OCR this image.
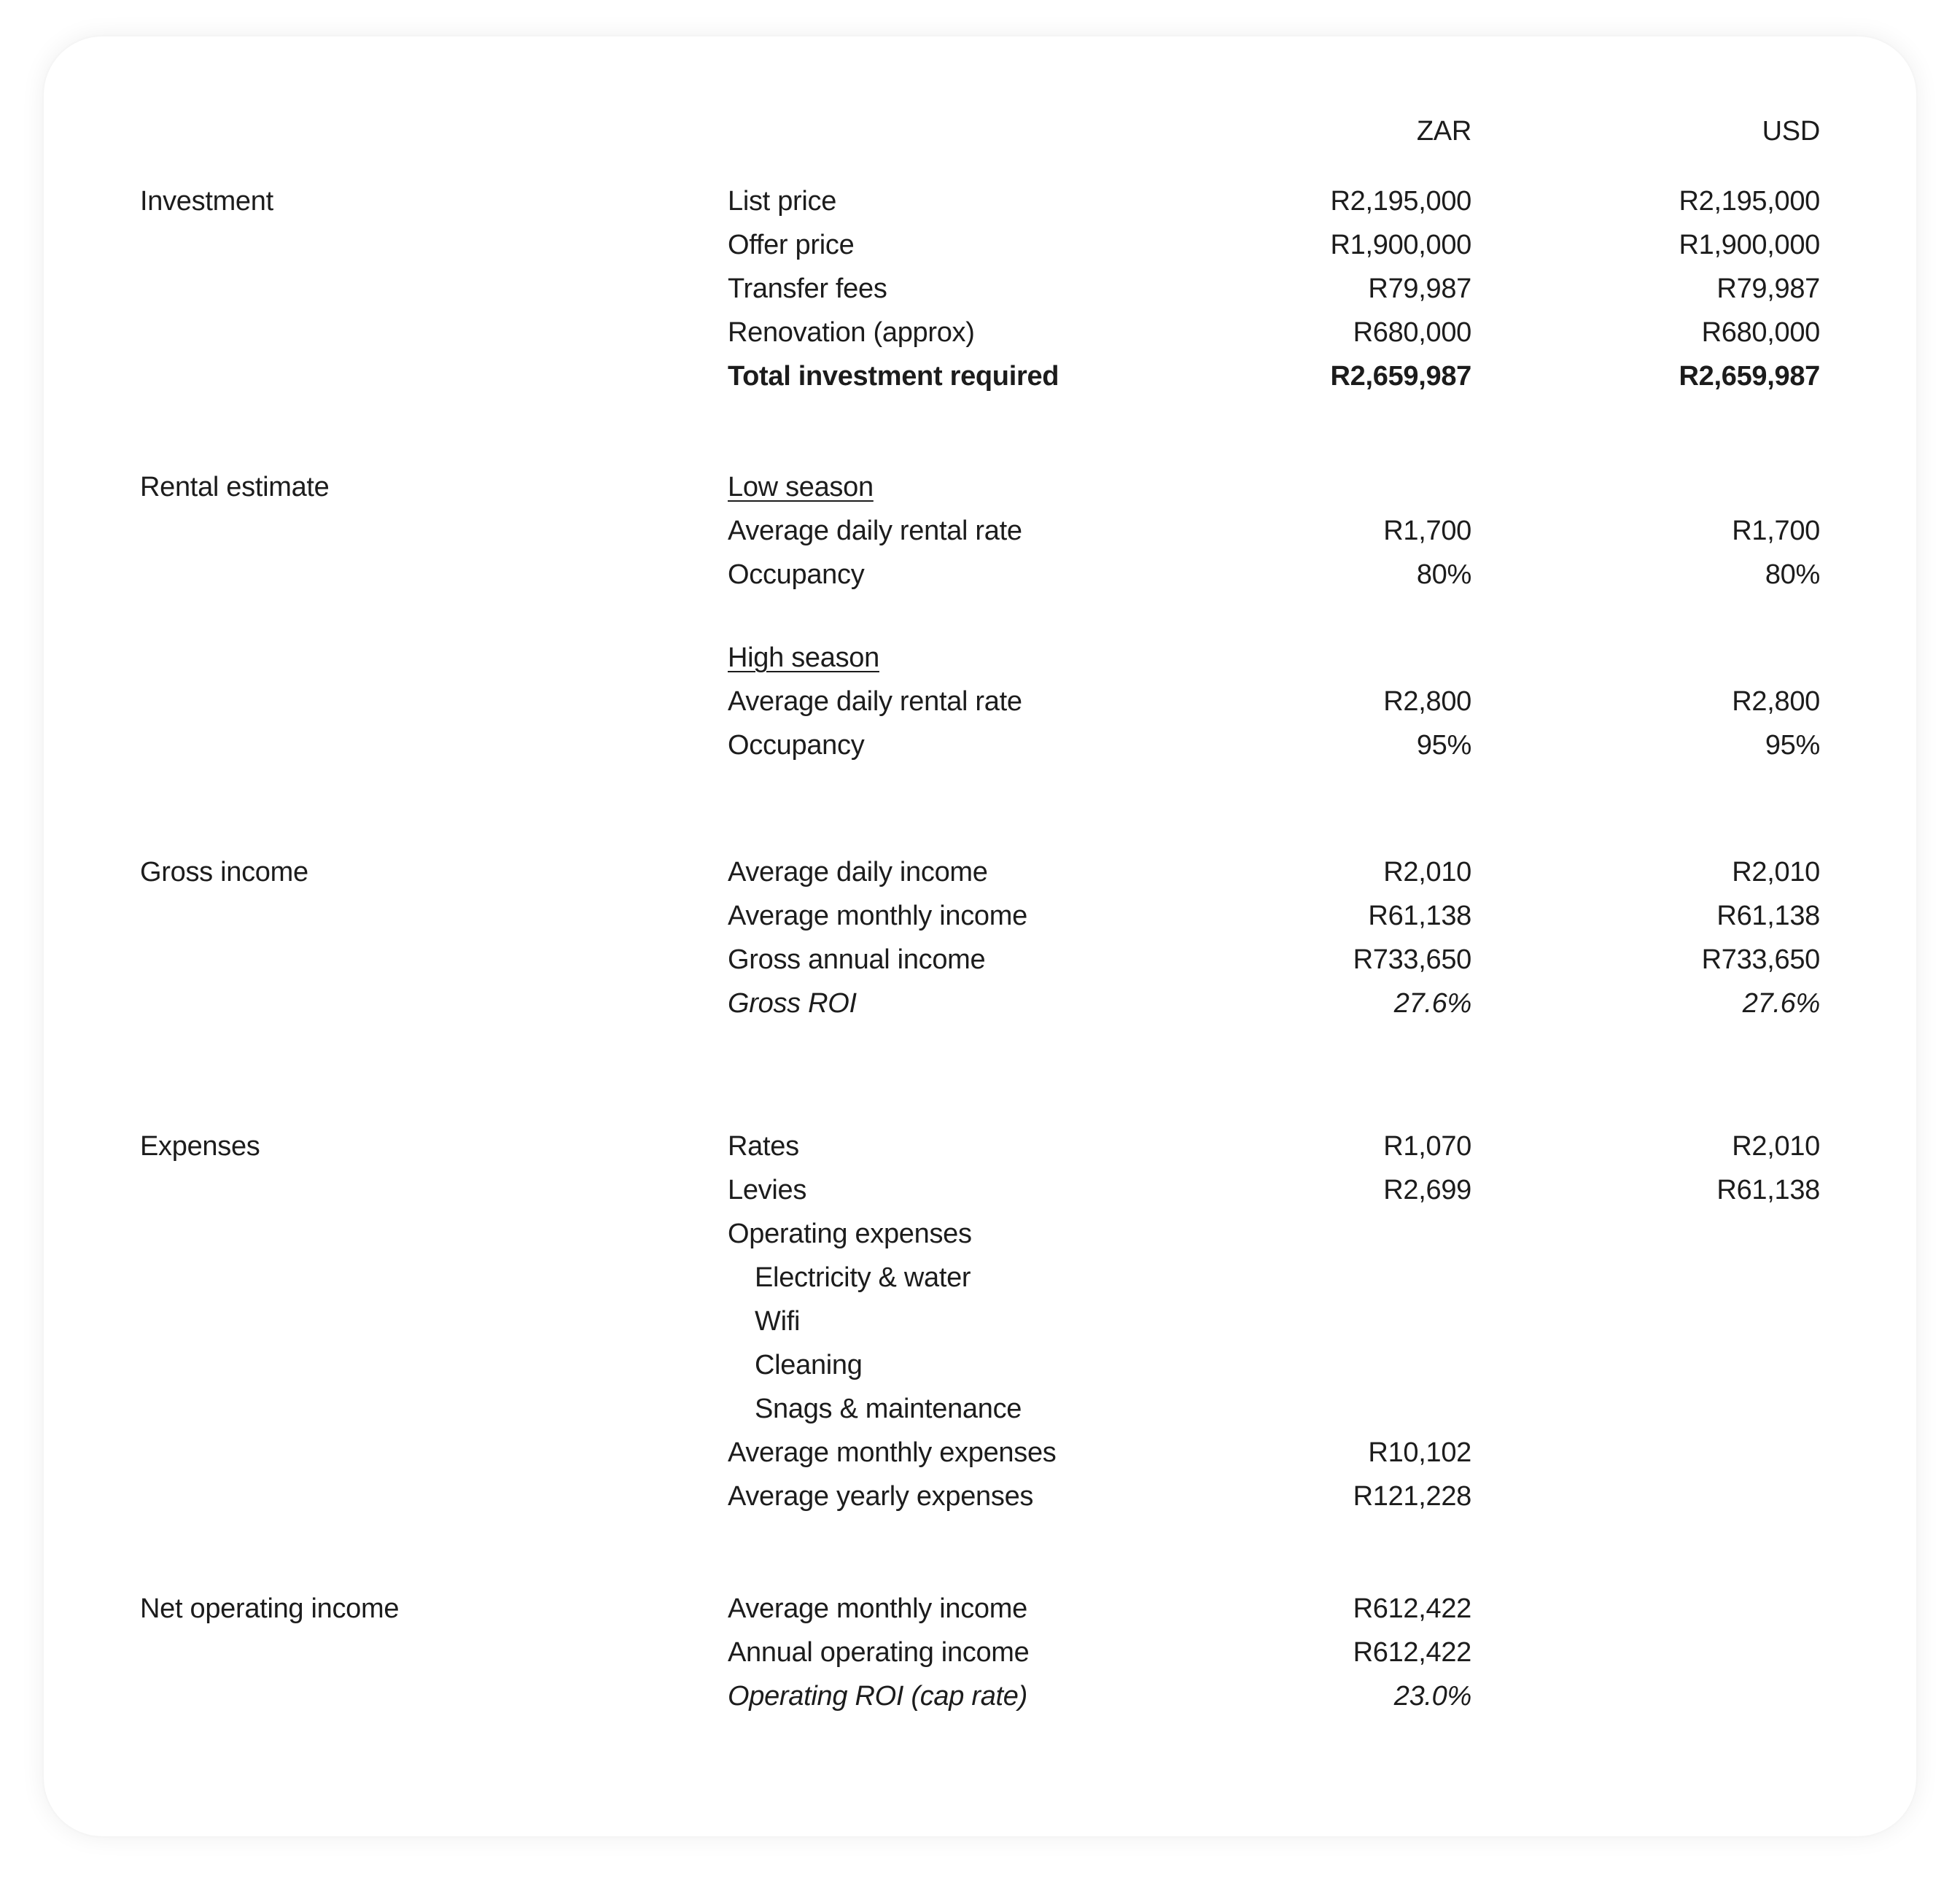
ZAR	USD
Investment	List price	R2,195,000	R2,195,000
Offer price	R1,900,000	R1,900,000
Transfer fees	R79,987	R79,987
Renovation (approx)	R680,000	R680,000
Total investment required	R2,659,987	R2,659,987
Rental estimate	Low season
Average daily rental rate	R1,700	R1,700
Occupancy	80%	80%
High season
Average daily rental rate	R2,800	R2,800
Occupancy	95%	95%
Gross income	Average daily income	R2,010	R2,010
Average monthly income	R61,138	R61,138
Gross annual income	R733,650	R733,650
Gross ROI	27.6%	27.6%
Expenses	Rates	R1,070	R2,010
Levies	R2,699	R61,138
Operating expenses
Electricity & water
Wifi
Cleaning
Snags & maintenance
Average monthly expenses	R10,102
Average yearly expenses	R121,228
Net operating income	Average monthly income	R612,422
Annual operating income	R612,422
Operating ROI (cap rate)	23.0%
